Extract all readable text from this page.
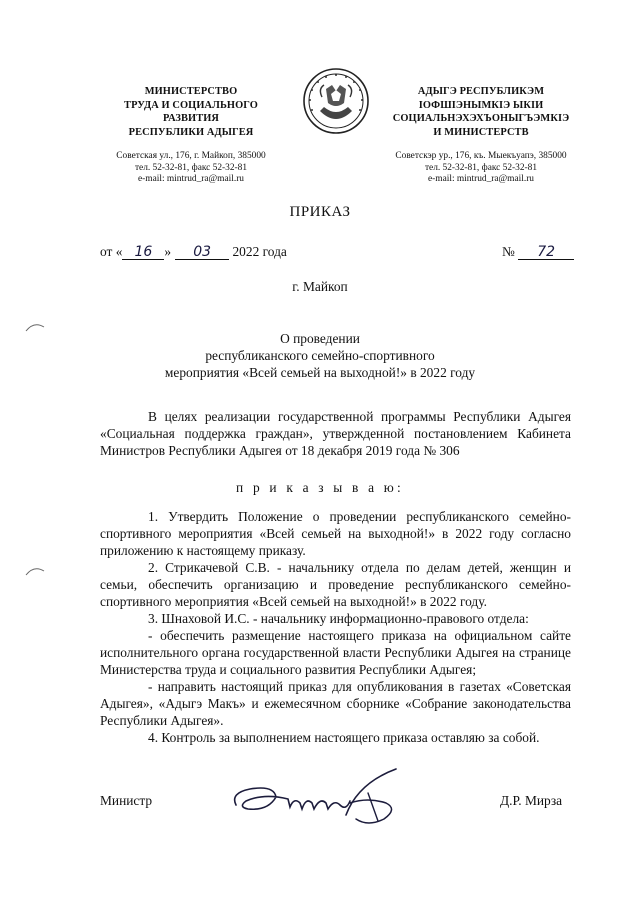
МИНИСТЕРСТВО
ТРУДА И СОЦИАЛЬНОГО
РАЗВИТИЯ
РЕСПУБЛИКИ АДЫГЕЯ
Советская ул., 176, г. Майкоп, 385000
тел. 52-32-81, факс 52-32-81
e-mail: mintrud_ra@mail.ru
АДЫГЭ РЕСПУБЛИКЭМ
IОФШIЭНЫМКIЭ ЫКIИ
СОЦИАЛЬНЭХЭХЪОНЫГЪЭМКIЭ
И МИНИСТЕРСТВ
Советскэр ур., 176, къ. Мыекъуапэ, 385000
тел. 52-32-81, факс 52-32-81
e-mail: mintrud_ra@mail.ru
ПРИКАЗ
от « 16 » 03 2022 года	№ 72
г. Майкоп
О проведении
республиканского семейно-спортивного
мероприятия «Всей семьей на выходной!» в 2022 году

В целях реализации государственной программы Республики Адыгея «Социальная поддержка граждан», утвержденной постановлением Кабинета Министров Республики Адыгея от 18 декабря 2019 года № 306

п р и к а з ы в а ю:

1. Утвердить Положение о проведении республиканского семейно-спортивного мероприятия «Всей семьей на выходной!» в 2022 году согласно приложению к настоящему приказу.

2. Стрикачевой С.В. - начальнику отдела по делам детей, женщин и семьи, обеспечить организацию и проведение республиканского семейно-спортивного мероприятия «Всей семьей на выходной!» в 2022 году.

3. Шнаховой И.С. - начальнику информационно-правового отдела:

- обеспечить размещение настоящего приказа на официальном сайте исполнительного органа государственной власти Республики Адыгея на странице Министерства труда и социального развития Республики Адыгея;

- направить настоящий приказ для опубликования в газетах «Советская Адыгея», «Адыгэ Макъ» и ежемесячном сборнике «Собрание законодательства Республики Адыгея».

4. Контроль за выполнением настоящего приказа оставляю за собой.

Министр	Д.Р. Мирза
